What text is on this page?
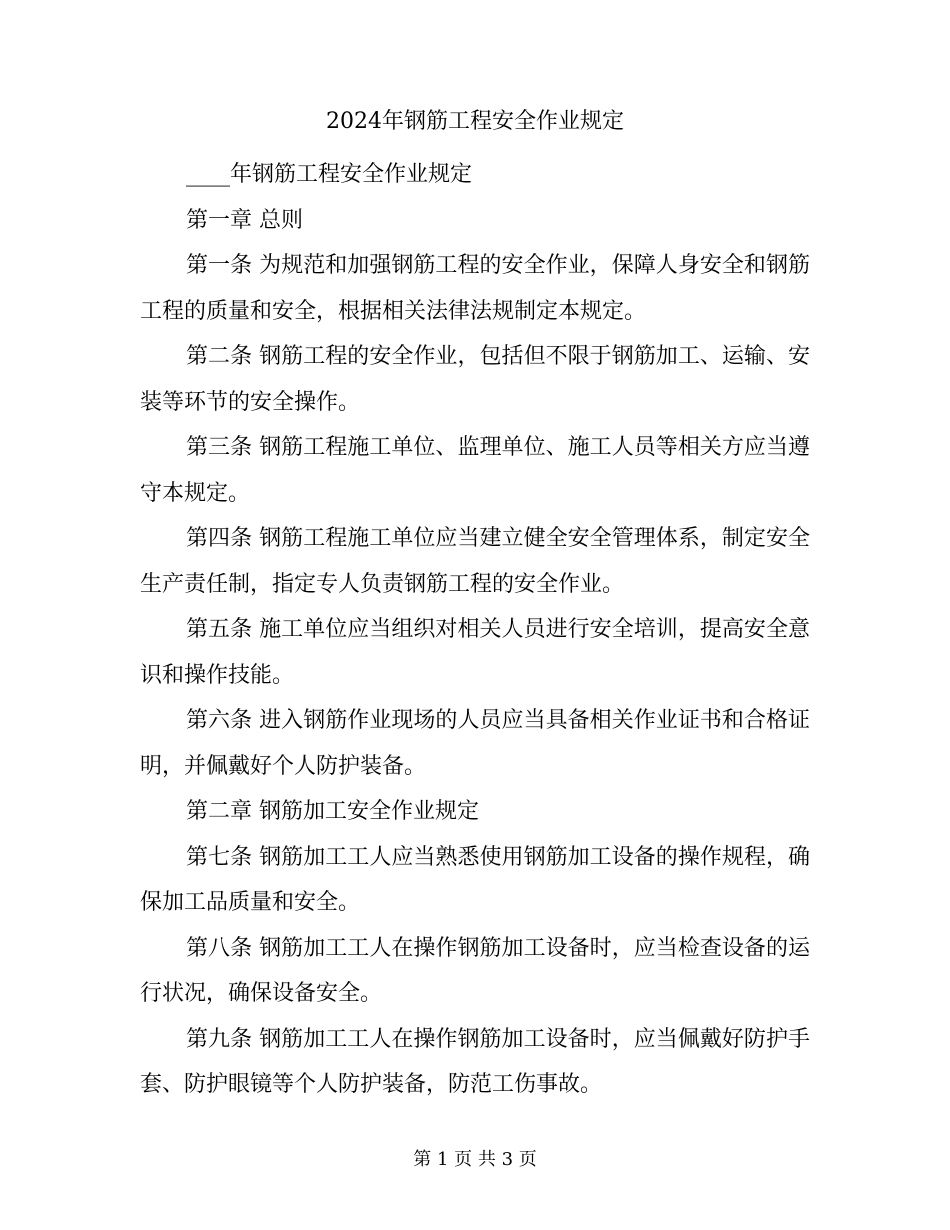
2024年钢筋工程安全作业规定

____年钢筋工程安全作业规定

第一章 总则

第一条 为规范和加强钢筋工程的安全作业，保障人身安全和钢筋工程的质量和安全，根据相关法律法规制定本规定。

第二条 钢筋工程的安全作业，包括但不限于钢筋加工、运输、安装等环节的安全操作。

第三条 钢筋工程施工单位、监理单位、施工人员等相关方应当遵守本规定。

第四条 钢筋工程施工单位应当建立健全安全管理体系，制定安全生产责任制，指定专人负责钢筋工程的安全作业。

第五条 施工单位应当组织对相关人员进行安全培训，提高安全意识和操作技能。

第六条 进入钢筋作业现场的人员应当具备相关作业证书和合格证明，并佩戴好个人防护装备。

第二章 钢筋加工安全作业规定

第七条 钢筋加工工人应当熟悉使用钢筋加工设备的操作规程，确保加工品质量和安全。

第八条 钢筋加工工人在操作钢筋加工设备时，应当检查设备的运行状况，确保设备安全。

第九条 钢筋加工工人在操作钢筋加工设备时，应当佩戴好防护手套、防护眼镜等个人防护装备，防范工伤事故。

第 1 页 共 3 页
